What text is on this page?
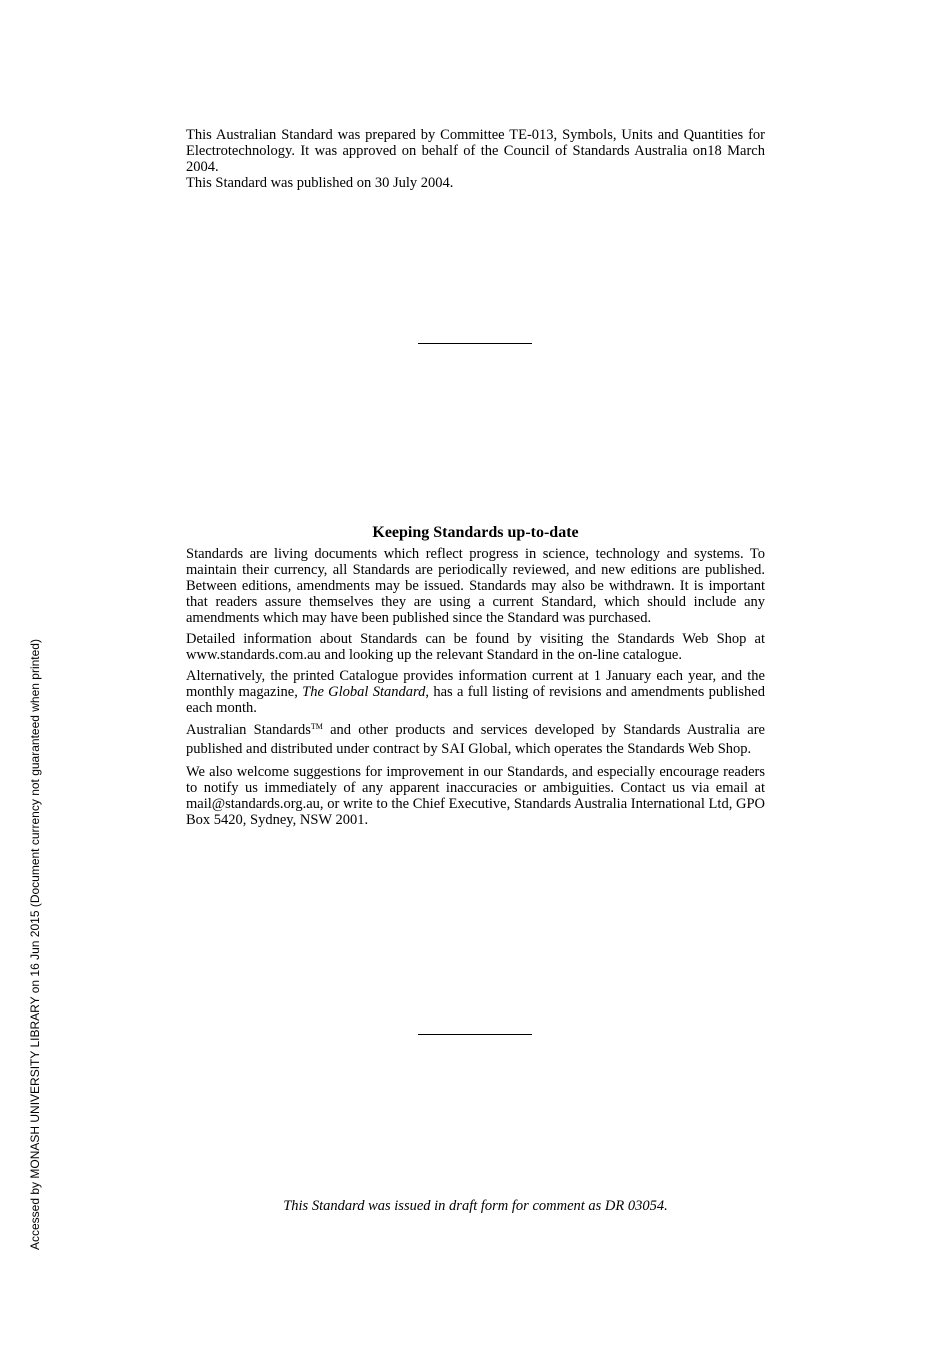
This Australian Standard was prepared by Committee TE-013, Symbols, Units and Quantities for Electrotechnology. It was approved on behalf of the Council of Standards Australia on18 March 2004.

This Standard was published on 30 July 2004.

Keeping Standards up-to-date

Standards are living documents which reflect progress in science, technology and systems. To maintain their currency, all Standards are periodically reviewed, and new editions are published. Between editions, amendments may be issued. Standards may also be withdrawn. It is important that readers assure themselves they are using a current Standard, which should include any amendments which may have been published since the Standard was purchased.

Detailed information about Standards can be found by visiting the Standards Web Shop at www.standards.com.au and looking up the relevant Standard in the on-line catalogue.

Alternatively, the printed Catalogue provides information current at 1 January each year, and the monthly magazine, The Global Standard, has a full listing of revisions and amendments published each month.

Australian Standards™ and other products and services developed by Standards Australia are published and distributed under contract by SAI Global, which operates the Standards Web Shop.

We also welcome suggestions for improvement in our Standards, and especially encourage readers to notify us immediately of any apparent inaccuracies or ambiguities. Contact us via email at mail@standards.org.au, or write to the Chief Executive, Standards Australia International Ltd, GPO Box 5420, Sydney, NSW 2001.

This Standard was issued in draft form for comment as DR 03054.
Accessed by MONASH UNIVERSITY LIBRARY on 16 Jun 2015 (Document currency not guaranteed when printed)
